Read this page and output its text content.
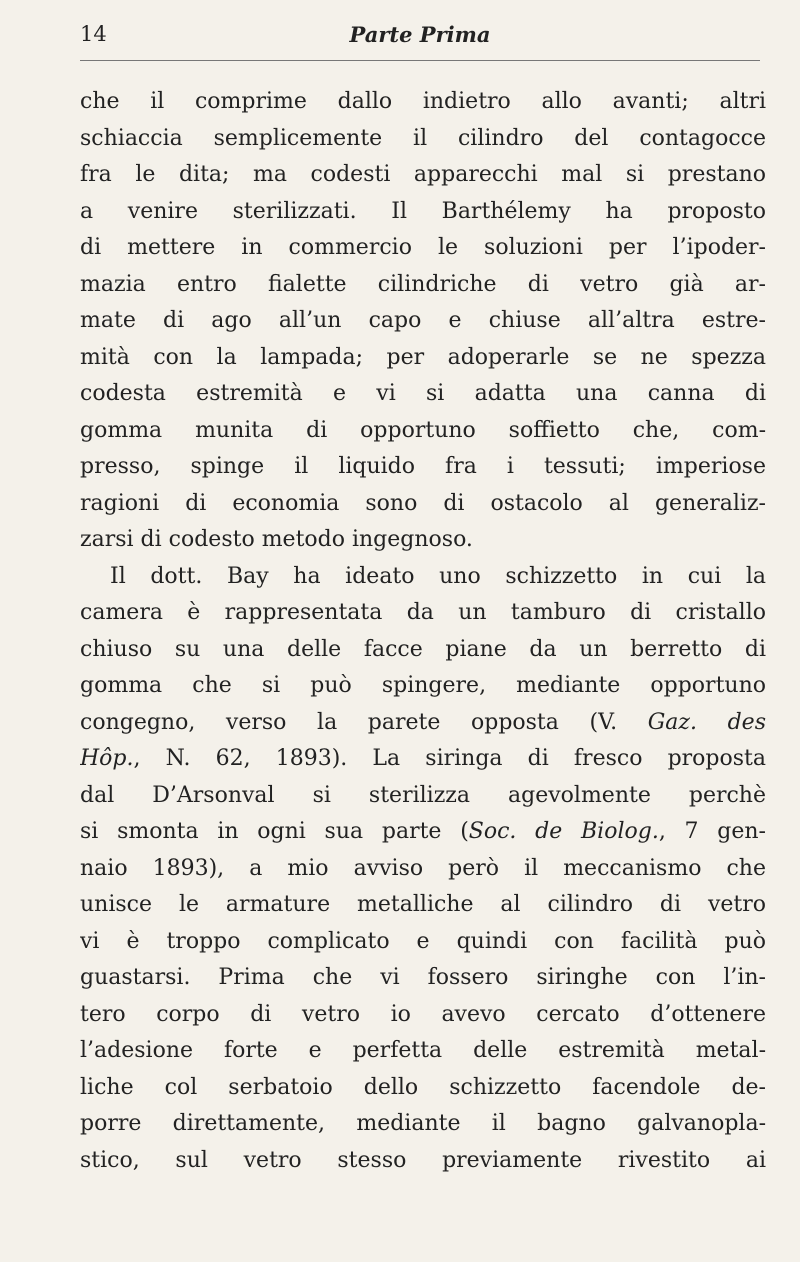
14	Parte Prima
che il comprime dallo indietro allo avanti; altri
schiaccia semplicemente il cilindro del contagocce
fra le dita; ma codesti apparecchi mal si prestano
a venire sterilizzati. Il Barthélemy ha proposto
di mettere in commercio le soluzioni per l’ipoder-
mazia entro fialette cilindriche di vetro già ar-
mate di ago all’un capo e chiuse all’altra estre-
mità con la lampada; per adoperarle se ne spezza
codesta estremità e vi si adatta una canna di
gomma munita di opportuno soffietto che, com-
presso, spinge il liquido fra i tessuti; imperiose
ragioni di economia sono di ostacolo al generaliz-
zarsi di codesto metodo ingegnoso.
Il dott. Bay ha ideato uno schizzetto in cui la
camera è rappresentata da un tamburo di cristallo
chiuso su una delle facce piane da un berretto di
gomma che si può spingere, mediante opportuno
congegno, verso la parete opposta (V. Gaz. des
Hôp., N. 62, 1893). La siringa di fresco proposta
dal D’Arsonval si sterilizza agevolmente perchè
si smonta in ogni sua parte (Soc. de Biolog., 7 gen-
naio 1893), a mio avviso però il meccanismo che
unisce le armature metalliche al cilindro di vetro
vi è troppo complicato e quindi con facilità può
guastarsi. Prima che vi fossero siringhe con l’in-
tero corpo di vetro io avevo cercato d’ottenere
l’adesione forte e perfetta delle estremità metal-
liche col serbatoio dello schizzetto facendole de-
porre direttamente, mediante il bagno galvanopla-
stico, sul vetro stesso previamente rivestito ai
